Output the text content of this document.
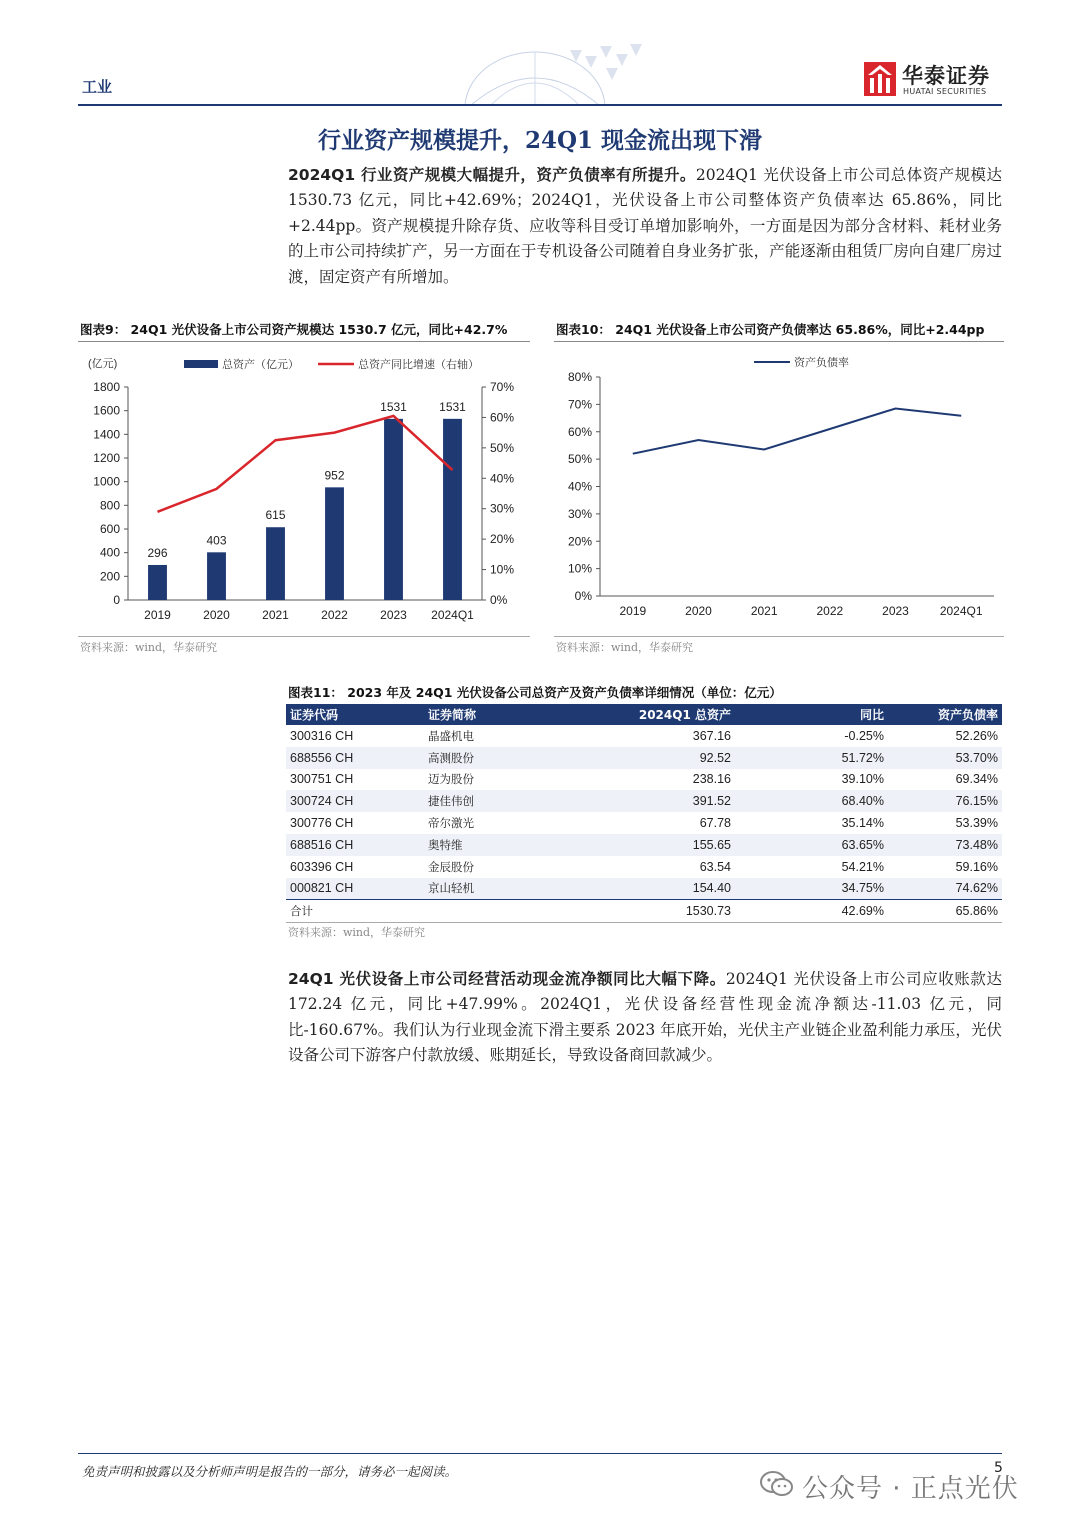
工业	华泰证券
HUATAI SECURITIES
行业资产规模提升，24Q1 现金流出现下滑
2024Q1 行业资产规模大幅提升，资产负债率有所提升。2024Q1 光伏设备上市公司总体资产规模达 1530.73 亿元，同比+42.69%；2024Q1，光伏设备上市公司整体资产负债率达 65.86%，同比+2.44pp。资产规模提升除存货、应收等科目受订单增加影响外，一方面是因为部分含材料、耗材业务的上市公司持续扩产，另一方面在于专机设备公司随着自身业务扩张，产能逐渐由租赁厂房向自建厂房过渡，固定资产有所增加。
图表9： 24Q1 光伏设备上市公司资产规模达 1530.7 亿元，同比+42.7%
(亿元)	总资产（亿元）	总资产同比增速（右轴）
1800
1600
1400
1200
1000
800
600
400
200
0
70%
60%
50%
40%
30%
20%
10%
0%
296
2019
403
2020
615
2021
952
2022
1531
2023
1531
2024Q1
资料来源：wind，华泰研究
图表10： 24Q1 光伏设备上市公司资产负债率达 65.86%，同比+2.44pp
资产负债率
80%
70%
60%
50%
40%
30%
20%
10%
0%
2019	2020	2021	2022	2023	2024Q1
资料来源：wind，华泰研究
图表11： 2023 年及 24Q1 光伏设备公司总资产及资产负债率详细情况（单位：亿元）
证券代码	证券简称	2024Q1 总资产	同比	资产负债率
300316 CH	晶盛机电	367.16	-0.25%	52.26%
688556 CH	高测股份	92.52	51.72%	53.70%
300751 CH	迈为股份	238.16	39.10%	69.34%
300724 CH	捷佳伟创	391.52	68.40%	76.15%
300776 CH	帝尔激光	67.78	35.14%	53.39%
688516 CH	奥特维	155.65	63.65%	73.48%
603396 CH	金辰股份	63.54	54.21%	59.16%
000821 CH	京山轻机	154.40	34.75%	74.62%
合计		1530.73	42.69%	65.86%
资料来源：wind，华泰研究
24Q1 光伏设备上市公司经营活动现金流净额同比大幅下降。2024Q1 光伏设备上市公司应收账款达 172.24 亿元，同比+47.99%。2024Q1，光伏设备经营性现金流净额达-11.03 亿元，同比-160.67%。我们认为行业现金流下滑主要系 2023 年底开始，光伏主产业链企业盈利能力承压，光伏设备公司下游客户付款放缓、账期延长，导致设备商回款减少。
免责声明和披露以及分析师声明是报告的一部分，请务必一起阅读。	5
公众号 · 正点光伏
